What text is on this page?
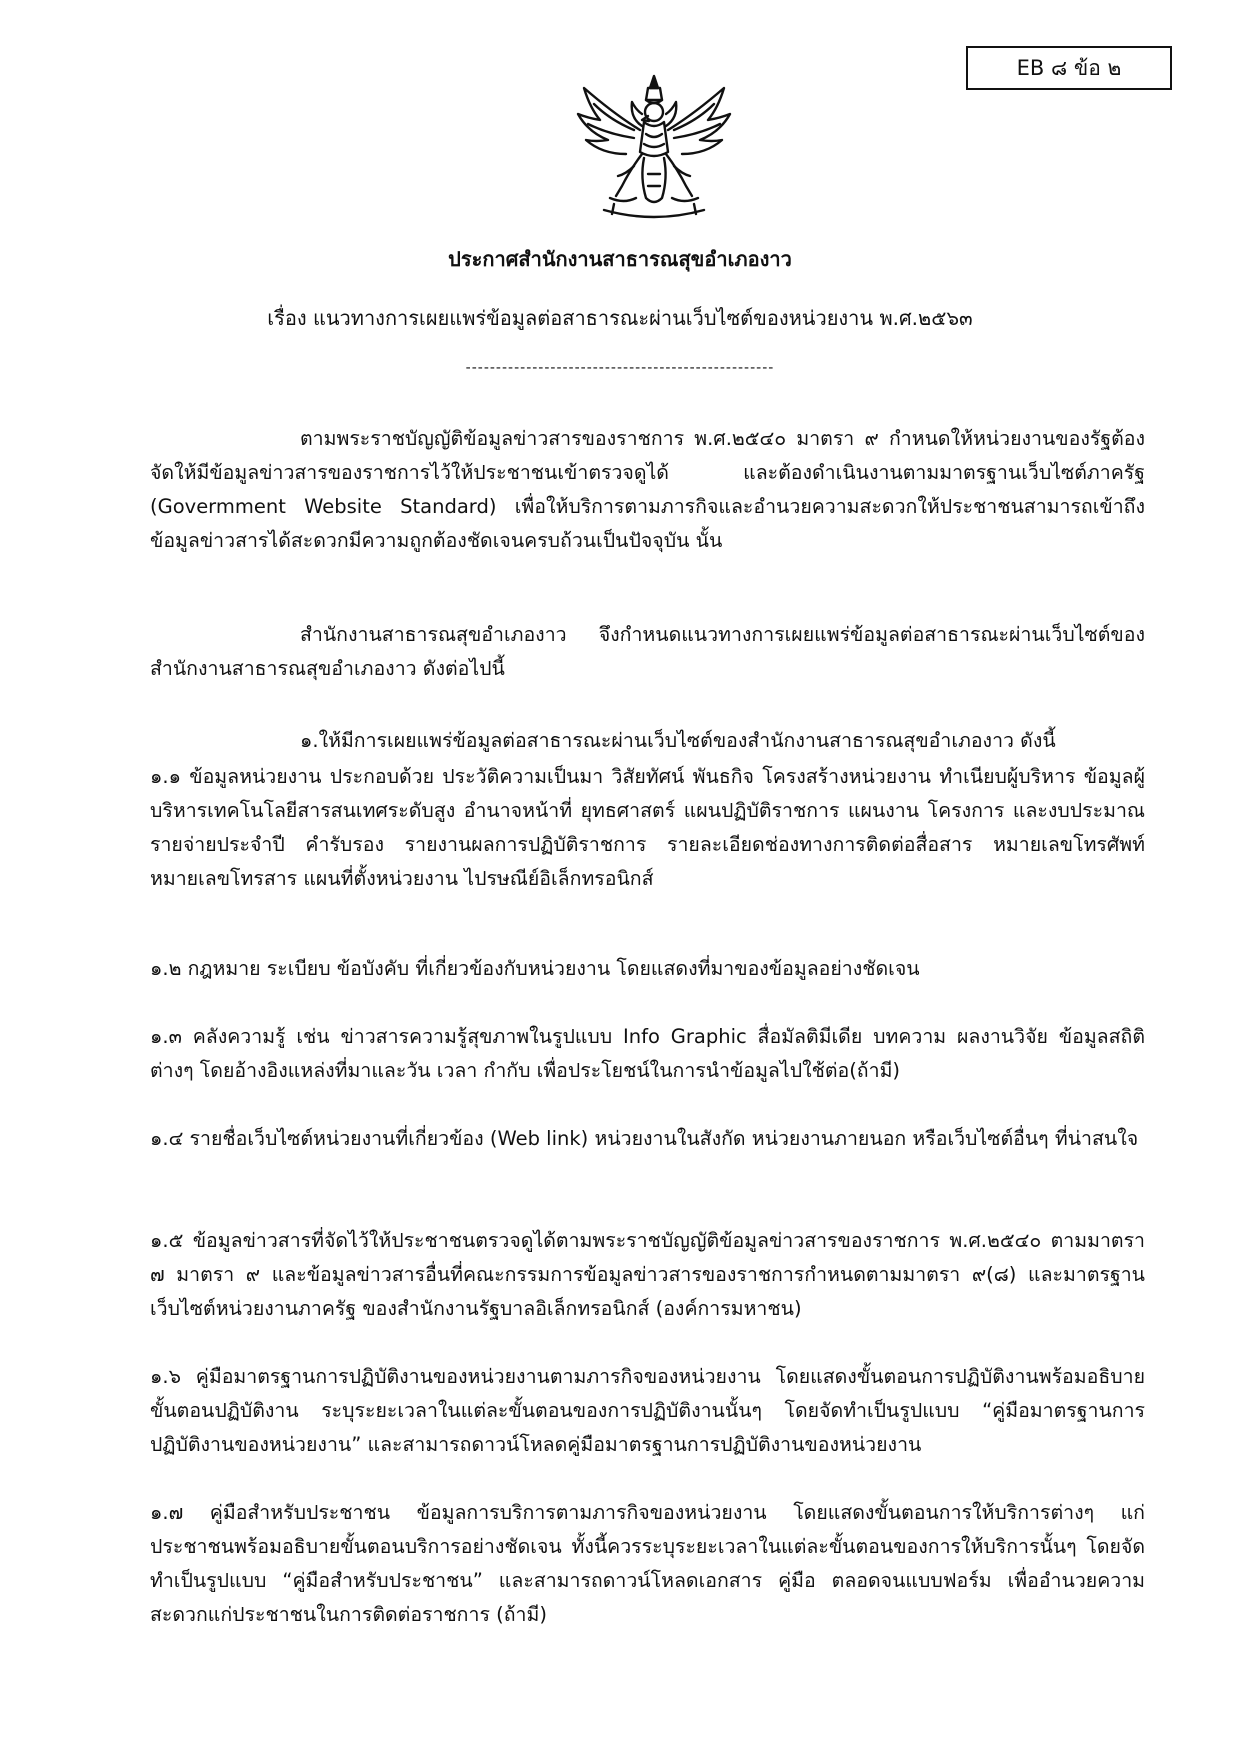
EB ๘ ข้อ ๒
ประกาศสำนักงานสาธารณสุขอำเภองาว
เรื่อง แนวทางการเผยแพร่ข้อมูลต่อสาธารณะผ่านเว็บไซต์ของหน่วยงาน พ.ศ.๒๕๖๓
---------------------------------------------------

ตามพระราชบัญญัติข้อมูลข่าวสารของราชการ พ.ศ.๒๕๔๐ มาตรา ๙ กำหนดให้หน่วยงานของรัฐต้องจัดให้มีข้อมูลข่าวสารของราชการไว้ให้ประชาชนเข้าตรวจดูได้ และต้องดำเนินงานตามมาตรฐานเว็บไซต์ภาครัฐ (Govermment Website Standard) เพื่อให้บริการตามภารกิจและอำนวยความสะดวกให้ประชาชนสามารถเข้าถึงข้อมูลข่าวสารได้สะดวกมีความถูกต้องชัดเจนครบถ้วนเป็นปัจจุบัน นั้น

สำนักงานสาธารณสุขอำเภองาว จึงกำหนดแนวทางการเผยแพร่ข้อมูลต่อสาธารณะผ่านเว็บไซต์ของสำนักงานสาธารณสุขอำเภองาว ดังต่อไปนี้

๑.ให้มีการเผยแพร่ข้อมูลต่อสาธารณะผ่านเว็บไซต์ของสำนักงานสาธารณสุขอำเภองาว ดังนี้

๑.๑ ข้อมูลหน่วยงาน ประกอบด้วย ประวัติความเป็นมา วิสัยทัศน์ พันธกิจ โครงสร้างหน่วยงาน ทำเนียบผู้บริหาร ข้อมูลผู้บริหารเทคโนโลยีสารสนเทศระดับสูง อำนาจหน้าที่ ยุทธศาสตร์ แผนปฏิบัติราชการ แผนงาน โครงการ และงบประมาณรายจ่ายประจำปี คำรับรอง รายงานผลการปฏิบัติราชการ รายละเอียดช่องทางการติดต่อสื่อสาร หมายเลขโทรศัพท์ หมายเลขโทรสาร แผนที่ตั้งหน่วยงาน ไปรษณีย์อิเล็กทรอนิกส์

๑.๒ กฎหมาย ระเบียบ ข้อบังคับ ที่เกี่ยวข้องกับหน่วยงาน โดยแสดงที่มาของข้อมูลอย่างชัดเจน

๑.๓ คลังความรู้ เช่น ข่าวสารความรู้สุขภาพในรูปแบบ Info Graphic สื่อมัลติมีเดีย บทความ ผลงานวิจัย ข้อมูลสถิติต่างๆ โดยอ้างอิงแหล่งที่มาและวัน เวลา กำกับ เพื่อประโยชน์ในการนำข้อมูลไปใช้ต่อ(ถ้ามี)

๑.๔ รายชื่อเว็บไซต์หน่วยงานที่เกี่ยวข้อง (Web link) หน่วยงานในสังกัด หน่วยงานภายนอก หรือเว็บไซต์อื่นๆ ที่น่าสนใจ

๑.๕ ข้อมูลข่าวสารที่จัดไว้ให้ประชาชนตรวจดูได้ตามพระราชบัญญัติข้อมูลข่าวสารของราชการ พ.ศ.๒๕๔๐ ตามมาตรา ๗ มาตรา ๙ และข้อมูลข่าวสารอื่นที่คณะกรรมการข้อมูลข่าวสารของราชการกำหนดตามมาตรา ๙(๘) และมาตรฐานเว็บไซต์หน่วยงานภาครัฐ ของสำนักงานรัฐบาลอิเล็กทรอนิกส์ (องค์การมหาชน)

๑.๖ คู่มือมาตรฐานการปฏิบัติงานของหน่วยงานตามภารกิจของหน่วยงาน โดยแสดงขั้นตอนการปฏิบัติงานพร้อมอธิบายขั้นตอนปฏิบัติงาน ระบุระยะเวลาในแต่ละขั้นตอนของการปฏิบัติงานนั้นๆ โดยจัดทำเป็นรูปแบบ “คู่มือมาตรฐานการปฏิบัติงานของหน่วยงาน” และสามารถดาวน์โหลดคู่มือมาตรฐานการปฏิบัติงานของหน่วยงาน

๑.๗ คู่มือสำหรับประชาชน ข้อมูลการบริการตามภารกิจของหน่วยงาน โดยแสดงขั้นตอนการให้บริการต่างๆ แก่ประชาชนพร้อมอธิบายขั้นตอนบริการอย่างชัดเจน ทั้งนี้ควรระบุระยะเวลาในแต่ละขั้นตอนของการให้บริการนั้นๆ โดยจัดทำเป็นรูปแบบ “คู่มือสำหรับประชาชน” และสามารถดาวน์โหลดเอกสาร คู่มือ ตลอดจนแบบฟอร์ม เพื่ออำนวยความสะดวกแก่ประชาชนในการติดต่อราชการ (ถ้ามี)
